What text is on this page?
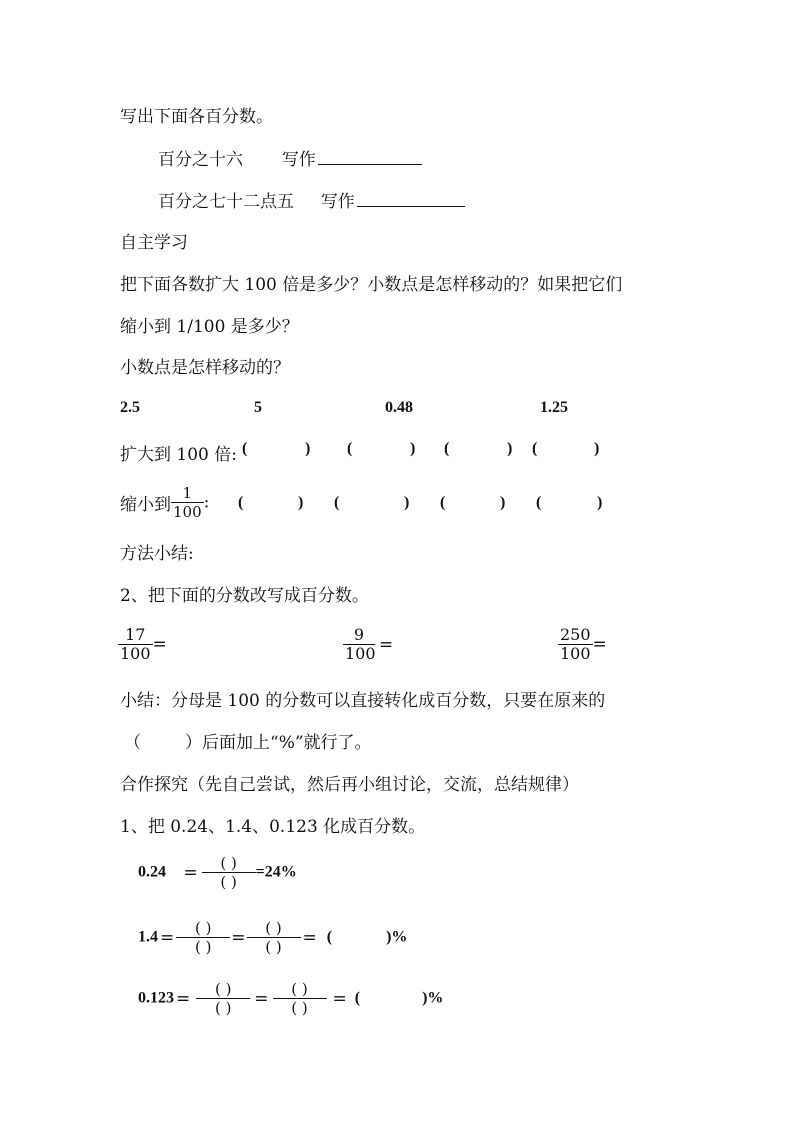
写出下面各百分数。
百分之十六 写作
百分之七十二点五 写作
自主学习
把下面各数扩大 100 倍是多少？小数点是怎样移动的？如果把它们
缩小到 1/100 是多少？
小数点是怎样移动的？
2.5	5	0.48	1.25
扩大到 100 倍: (	) (	) (	) (	)
缩小到 $\frac{1}{100}$ : (	) (	) (	) (	)
方法小结:
2、把下面的分数改写成百分数。
$\frac{17}{100}$ =	$\frac{9}{100}$ =	$\frac{250}{100}$ =
小结：分母是 100 的分数可以直接转化成百分数，只要在原来的
（	）后面加上“%”就行了。
合作探究（先自己尝试，然后再小组讨论，交流，总结规律）
1、把 0.24、1.4、0.123 化成百分数。
$0.24 = \frac{( )}{( )} =24\%$
$1.4 = \frac{( )}{( )} = \frac{( )}{( )}$ = (	)%
$0.123 = \frac{( )}{( )} = \frac{( )}{( )}$ = (	)%
